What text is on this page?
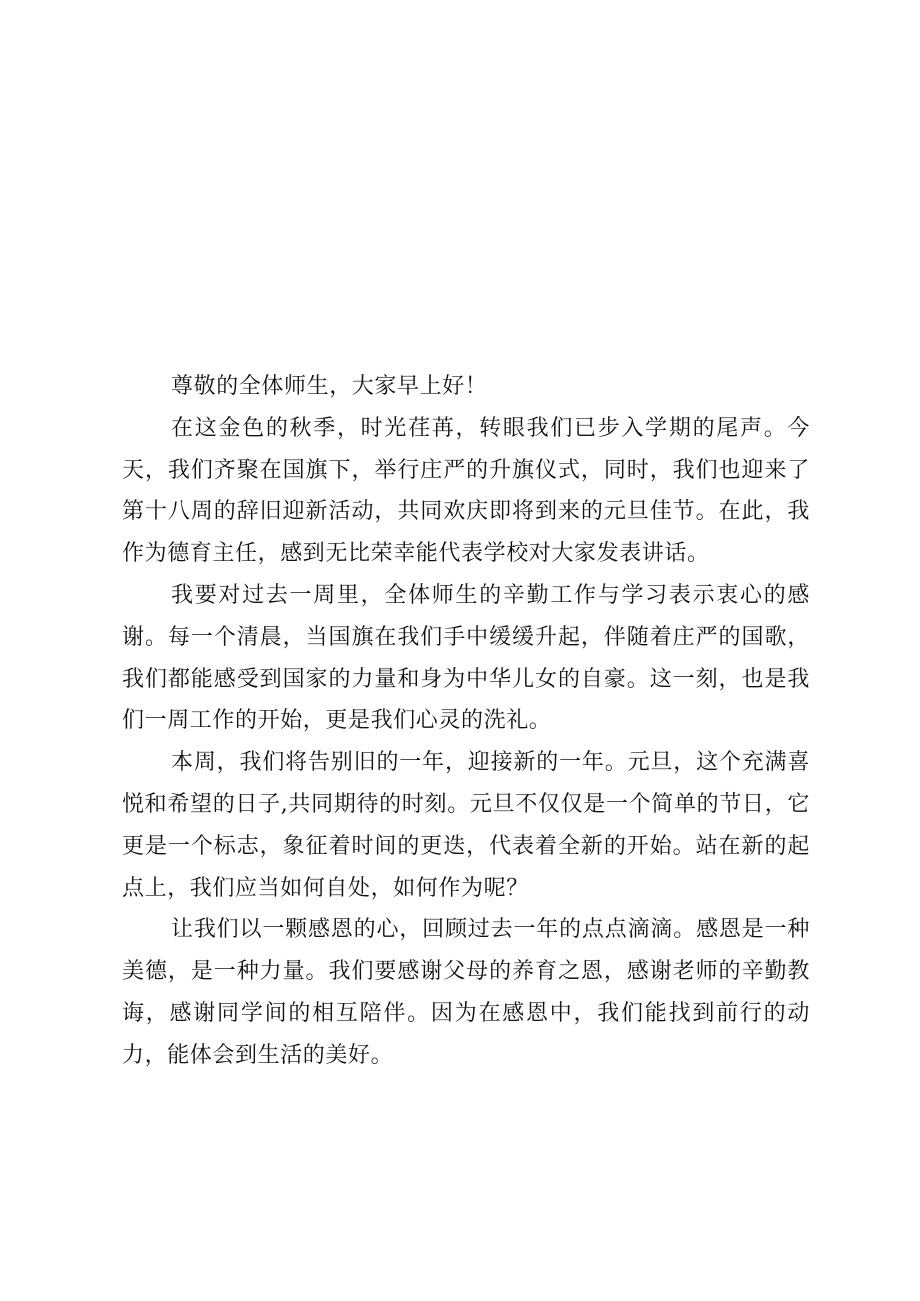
尊敬的全体师生，大家早上好！

在这金色的秋季，时光荏苒，转眼我们已步入学期的尾声。今天，我们齐聚在国旗下，举行庄严的升旗仪式，同时，我们也迎来了第十八周的辞旧迎新活动，共同欢庆即将到来的元旦佳节。在此，我作为德育主任，感到无比荣幸能代表学校对大家发表讲话。

我要对过去一周里，全体师生的辛勤工作与学习表示衷心的感谢。每一个清晨，当国旗在我们手中缓缓升起，伴随着庄严的国歌，我们都能感受到国家的力量和身为中华儿女的自豪。这一刻，也是我们一周工作的开始，更是我们心灵的洗礼。

本周，我们将告别旧的一年，迎接新的一年。元旦，这个充满喜悦和希望的日子,共同期待的时刻。元旦不仅仅是一个简单的节日，它更是一个标志，象征着时间的更迭，代表着全新的开始。站在新的起点上，我们应当如何自处，如何作为呢？

让我们以一颗感恩的心，回顾过去一年的点点滴滴。感恩是一种美德，是一种力量。我们要感谢父母的养育之恩，感谢老师的辛勤教诲，感谢同学间的相互陪伴。因为在感恩中，我们能找到前行的动力，能体会到生活的美好。
